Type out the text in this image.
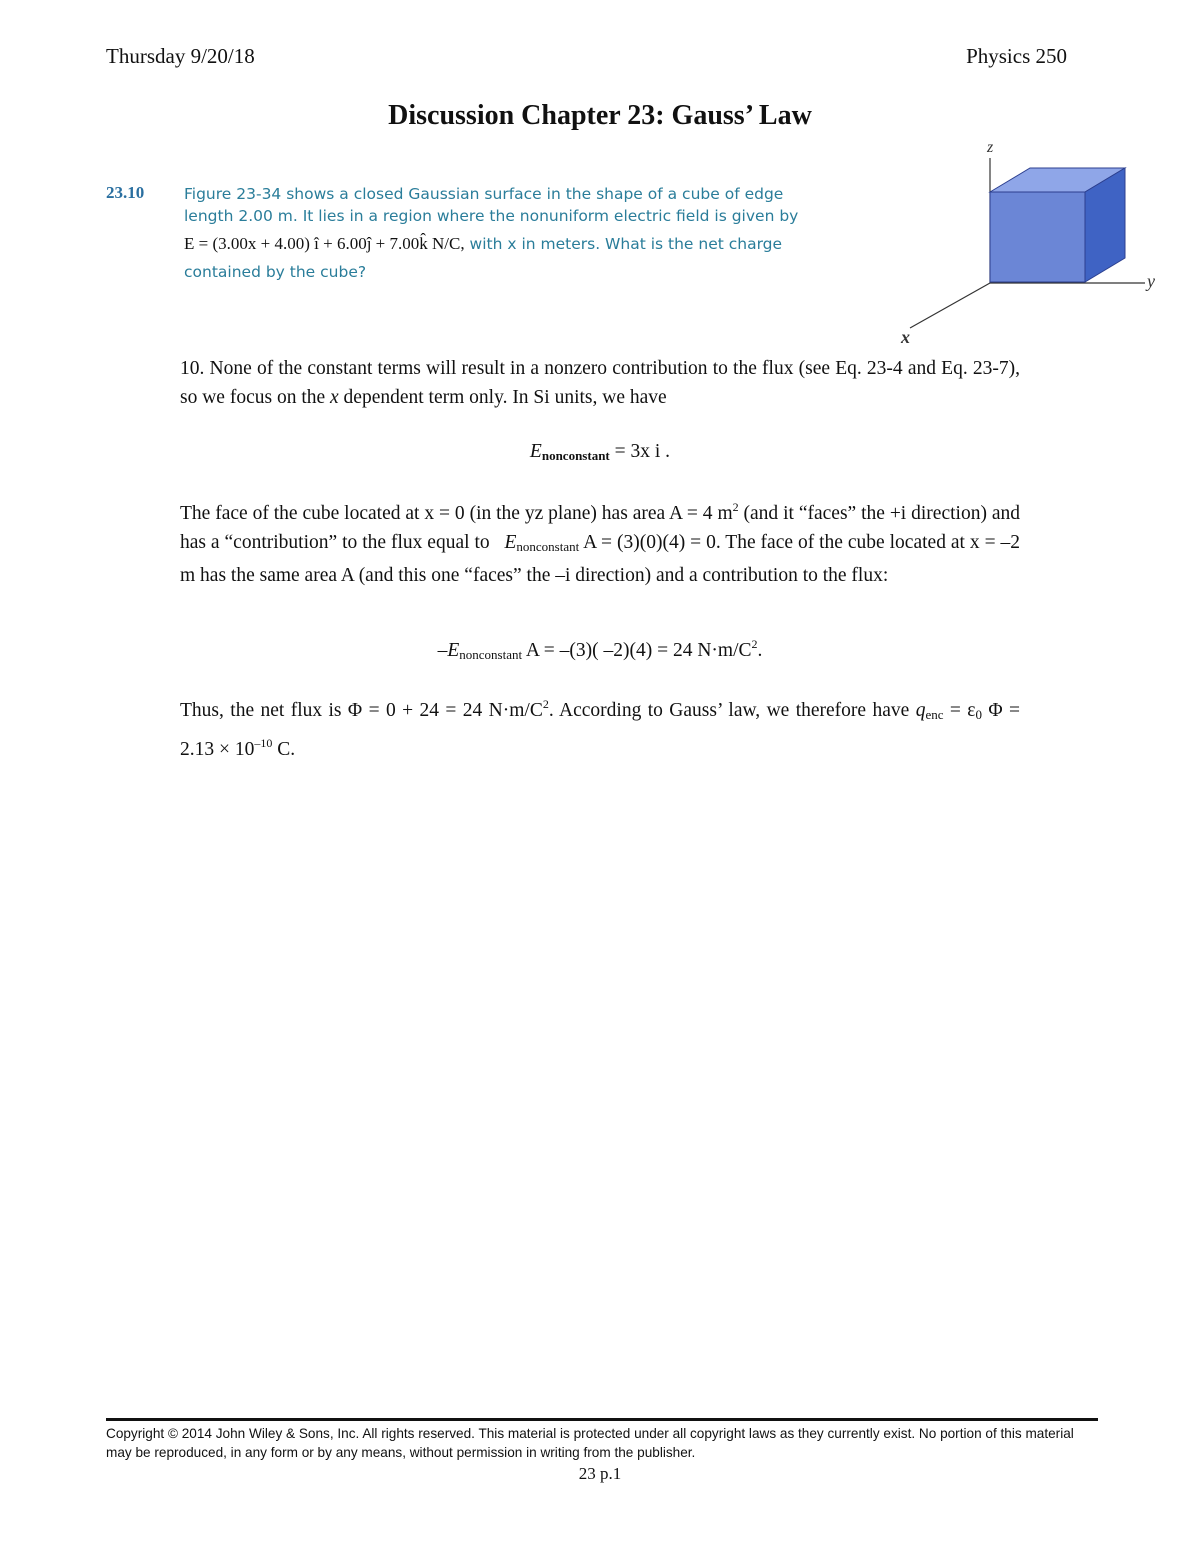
Thursday 9/20/18	Physics 250
Discussion Chapter 23: Gauss’ Law
23.10	Figure 23-34 shows a closed Gaussian surface in the shape of a cube of edge
length 2.00 m. It lies in a region where the nonuniform electric field is given by
E = (3.00x + 4.00) î + 6.00ĵ + 7.00k̂ N/C, with x in meters. What is the net charge
contained by the cube?
z
y
x
10. None of the constant terms will result in a nonzero contribution to the flux (see Eq. 23-4 and Eq. 23-7), so we focus on the x dependent term only. In Si units, we have
$E_{nonconstant} = 3x$ i .
The face of the cube located at x = 0 (in the yz plane) has area A = 4 $m^2$ (and it “faces” the +i direction) and has a “contribution” to the flux equal to $E_{nonconstant}$ A = (3)(0)(4) = 0. The face of the cube located at x = –2 m has the same area A (and this one “faces” the –i direction) and a contribution to the flux:
$-E_{nonconstant}$ A = –(3)( –2)(4) = 24 $N\cdot m/C^2$.
Thus, the net flux is Φ = 0 + 24 = 24 $N\cdot m/C^2$. According to Gauss’ law, we therefore have $q_{enc} = \varepsilon_0$ $\Phi = 2.13 \times 10^{-10}$ C.
Copyright © 2014 John Wiley & Sons, Inc. All rights reserved. This material is protected under all copyright laws as they currently exist. No portion of this material may be reproduced, in any form or by any means, without permission in writing from the publisher.
23 p.1
